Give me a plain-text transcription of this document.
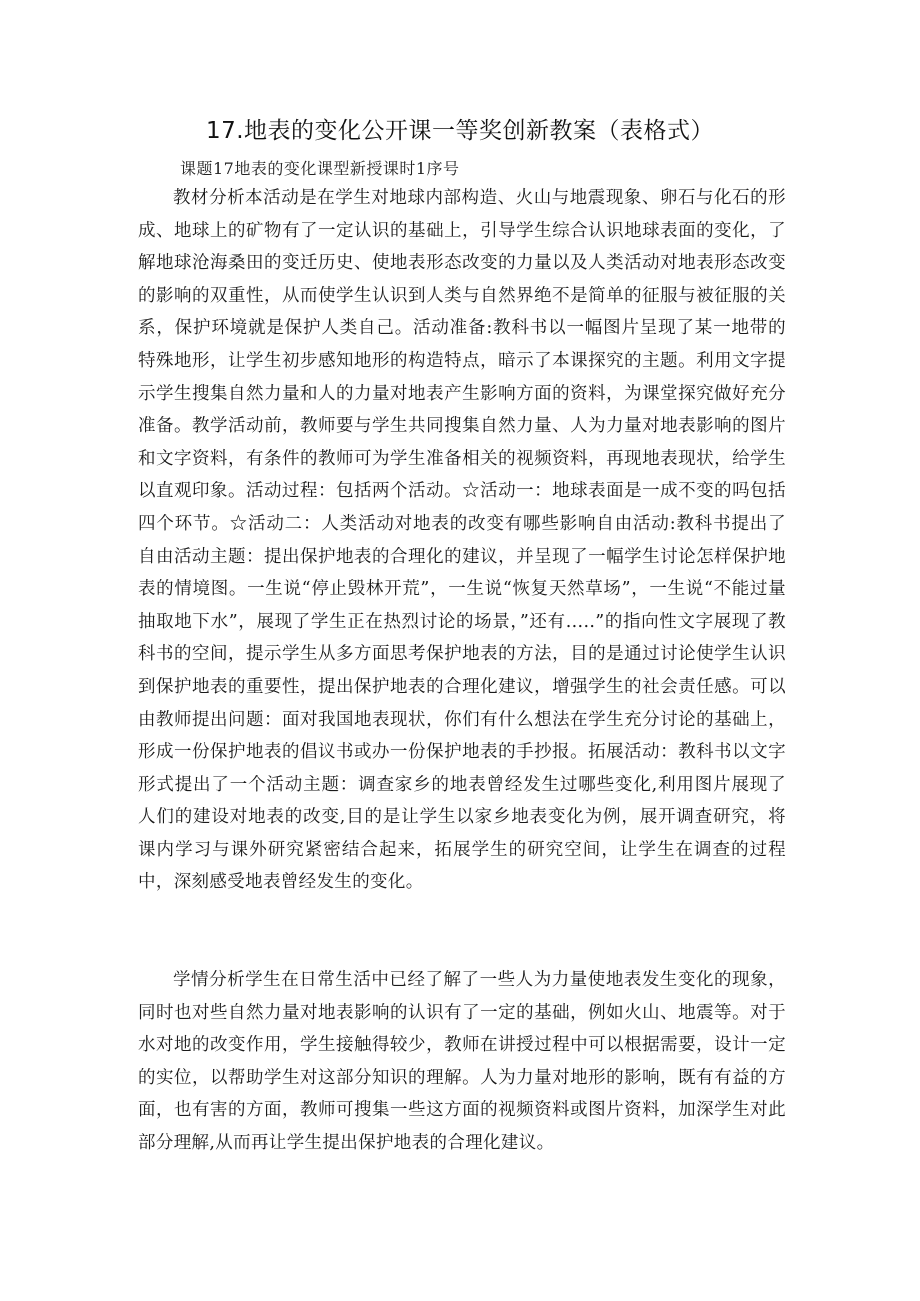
17.地表的变化公开课一等奖创新教案（表格式）

课题17地表的变化课型新授课时1序号

教材分析本活动是在学生对地球内部构造、火山与地震现象、卵石与化石的形成、地球上的矿物有了一定认识的基础上，引导学生综合认识地球表面的变化，了解地球沧海桑田的变迁历史、使地表形态改变的力量以及人类活动对地表形态改变的影响的双重性，从而使学生认识到人类与自然界绝不是简单的征服与被征服的关系，保护环境就是保护人类自己。活动准备:教科书以一幅图片呈现了某一地带的特殊地形，让学生初步感知地形的构造特点，暗示了本课探究的主题。利用文字提示学生搜集自然力量和人的力量对地表产生影响方面的资料，为课堂探究做好充分准备。教学活动前，教师要与学生共同搜集自然力量、人为力量对地表影响的图片和文字资料，有条件的教师可为学生准备相关的视频资料，再现地表现状，给学生以直观印象。活动过程：包括两个活动。☆活动一：地球表面是一成不变的吗包括四个环节。☆活动二：人类活动对地表的改变有哪些影响自由活动:教科书提出了自由活动主题：提出保护地表的合理化的建议，并呈现了一幅学生讨论怎样保护地表的情境图。一生说“停止毁林开荒”，一生说“恢复天然草场”，一生说“不能过量抽取地下水”，展现了学生正在热烈讨论的场景，”还有.....”的指向性文字展现了教科书的空间，提示学生从多方面思考保护地表的方法，目的是通过讨论使学生认识到保护地表的重要性，提出保护地表的合理化建议，增强学生的社会责任感。可以由教师提出问题：面对我国地表现状，你们有什么想法在学生充分讨论的基础上，形成一份保护地表的倡议书或办一份保护地表的手抄报。拓展活动：教科书以文字形式提出了一个活动主题：调查家乡的地表曾经发生过哪些变化,利用图片展现了人们的建设对地表的改变,目的是让学生以家乡地表变化为例，展开调查研究，将课内学习与课外研究紧密结合起来，拓展学生的研究空间，让学生在调查的过程中，深刻感受地表曾经发生的变化。

学情分析学生在日常生活中已经了解了一些人为力量使地表发生变化的现象，同时也对些自然力量对地表影响的认识有了一定的基础，例如火山、地震等。对于水对地的改变作用，学生接触得较少，教师在讲授过程中可以根据需要，设计一定的实位，以帮助学生对这部分知识的理解。人为力量对地形的影响，既有有益的方面，也有害的方面，教师可搜集一些这方面的视频资料或图片资料，加深学生对此部分理解,从而再让学生提出保护地表的合理化建议。
